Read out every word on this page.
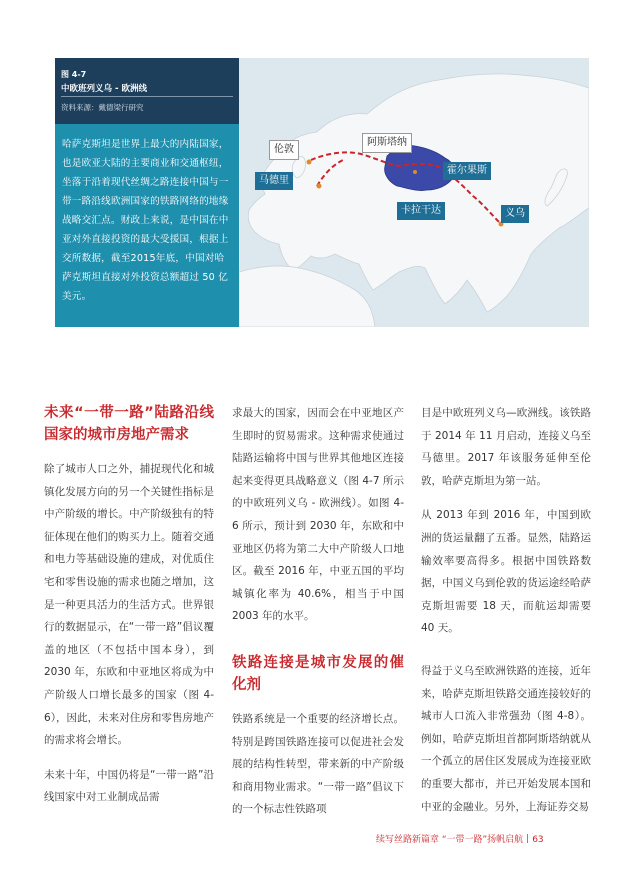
图 4-7
中欧班列义乌 - 欧洲线
资料来源：戴德梁行研究

哈萨克斯坦是世界上最大的内陆国家，也是欧亚大陆的主要商业和交通枢纽，坐落于沿着现代丝绸之路连接中国与一带一路沿线欧洲国家的铁路网络的地缘战略交汇点。财政上来说，是中国在中亚对外直接投资的最大受援国，根据上交所数据，截至2015年底，中国对哈萨克斯坦直接对外投资总额超过 50 亿美元。

伦敦
马德里
阿斯塔纳
霍尔果斯
卡拉干达	义乌
未来“一带一路”陆路沿线国家的城市房地产需求

除了城市人口之外，捕捉现代化和城镇化发展方向的另一个关键性指标是中产阶级的增长。中产阶级独有的特征体现在他们的购买力上。随着交通和电力等基础设施的建成，对优质住宅和零售设施的需求也随之增加，这是一种更具活力的生活方式。世界银行的数据显示，在“一带一路”倡议覆盖的地区（不包括中国本身），到 2030 年，东欧和中亚地区将成为中产阶级人口增长最多的国家（图 4-6），因此，未来对住房和零售房地产的需求将会增长。

未来十年，中国仍将是“一带一路”沿线国家中对工业制成品需

求最大的国家，因而会在中亚地区产生即时的贸易需求。这种需求使通过陆路运输将中国与世界其他地区连接起来变得更具战略意义（图 4-7 所示的中欧班列义乌 - 欧洲线）。如图 4-6 所示，预计到 2030 年，东欧和中亚地区仍将为第二大中产阶级人口地区。截至 2016 年，中亚五国的平均城镇化率为 40.6%，相当于中国 2003 年的水平。

铁路连接是城市发展的催化剂

铁路系统是一个重要的经济增长点。特别是跨国铁路连接可以促进社会发展的结构性转型，带来新的中产阶级和商用物业需求。“一带一路”倡议下的一个标志性铁路项

目是中欧班列义乌—欧洲线。该铁路于 2014 年 11 月启动，连接义乌至马德里。2017 年该服务延伸至伦敦，哈萨克斯坦为第一站。

从 2013 年到 2016 年，中国到欧洲的货运量翻了五番。显然，陆路运输效率要高得多。根据中国铁路数据，中国义乌到伦敦的货运途经哈萨克斯坦需要 18 天，而航运却需要 40 天。

得益于义乌至欧洲铁路的连接，近年来，哈萨克斯坦铁路交通连接较好的城市人口流入非常强劲（图 4-8）。例如，哈萨克斯坦首都阿斯塔纳就从一个孤立的居住区发展成为连接亚欧的重要大都市，并已开始发展本国和中亚的金融业。另外，上海证券交易

续写丝路新篇章 “一带一路”扬帆启航 63
